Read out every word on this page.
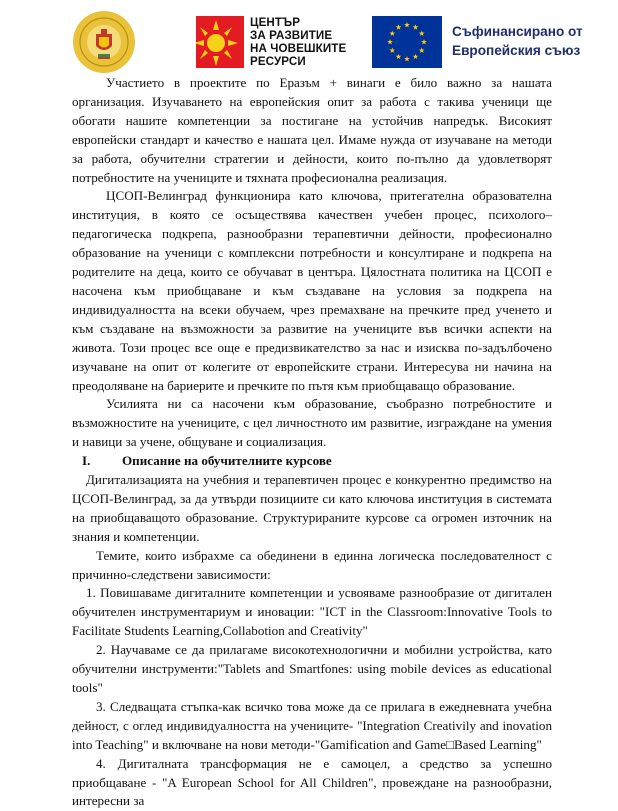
ЦЕНТЪР
ЗА РАЗВИТИЕ
НА ЧОВЕШКИТЕ
РЕСУРСИ
Съфинансирано от
Европейския съюз

Участието в проектите по Еразъм + винаги е било важно за нашата организация. Изучаването на европейския опит за работа с такива ученици ще обогати нашите компетенции за постигане на устойчив напредък. Високият европейски стандарт и качество е нашата цел. Имаме нужда от изучаване на методи за работа, обучителни стратегии и дейности, които по-пълно да удовлетворят потребностите на учениците и тяхната професионална реализация.

ЦСОП-Велинград функционира като ключова, притегателна образователна институция, в която се осъществява качествен учебен процес, психолого–педагогическа подкрепа, разнообразни терапевтични дейности, професионално образование на ученици с комплексни потребности и консултиране и подкрепа на родителите на деца, които се обучават в центъра. Цялостната политика на ЦСОП е насочена към приобщаване и към създаване на условия за подкрепа на индивидуалността на всеки обучаем, чрез премахване на пречките пред ученето и към създаване на възможности за развитие на учениците във всички аспекти на живота. Този процес все още е предизвикателство за нас и изисква по-задълбочено изучаване на опит от колегите от европейските страни. Интересува ни начина на преодоляване на бариерите и пречките по пътя към приобщаващо образование.

Усилията ни са насочени към образование, съобразно потребностите и възможностите на учениците, с цел личностното им развитие, изграждане на умения и навици за учене, общуване и социализация.

I. Описание на обучителните курсове

Дигитализацията на учебния и терапевтичен процес е конкурентно предимство на ЦСОП-Велинград, за да утвърди позициите си като ключова институция в системата на приобщаващото образование. Структурираните курсове са огромен източник на знания и компетенции.

Темите, които избрахме са обединени в единна логическа последователност с причинно-следствени зависимости:

1. Повишаваме дигиталните компетенции и усвояваме разнообразие от дигитален обучителен инструментариум и иновации: "ICT in the Classroom:Innovative Tools to Facilitate Students Learning,Collabotion and Creativity"

2. Научаваме се да прилагаме високотехнологични и мобилни устройства, като обучителни инструменти:"Tablets and Smartfones: using mobile devices as educational tools"

3. Следващата стъпка-как всичко това може да се прилага в ежедневната учебна дейност, с оглед индивидуалността на учениците- "Integration Creativily and inovation into Teaching" и включване на нови методи-"Gamification and Game□Based Learning"

4. Дигиталната трансформация не е самоцел, а средство за успешно приобщаване - "A European School for All Children", провеждане на разнообразни, интересни за
